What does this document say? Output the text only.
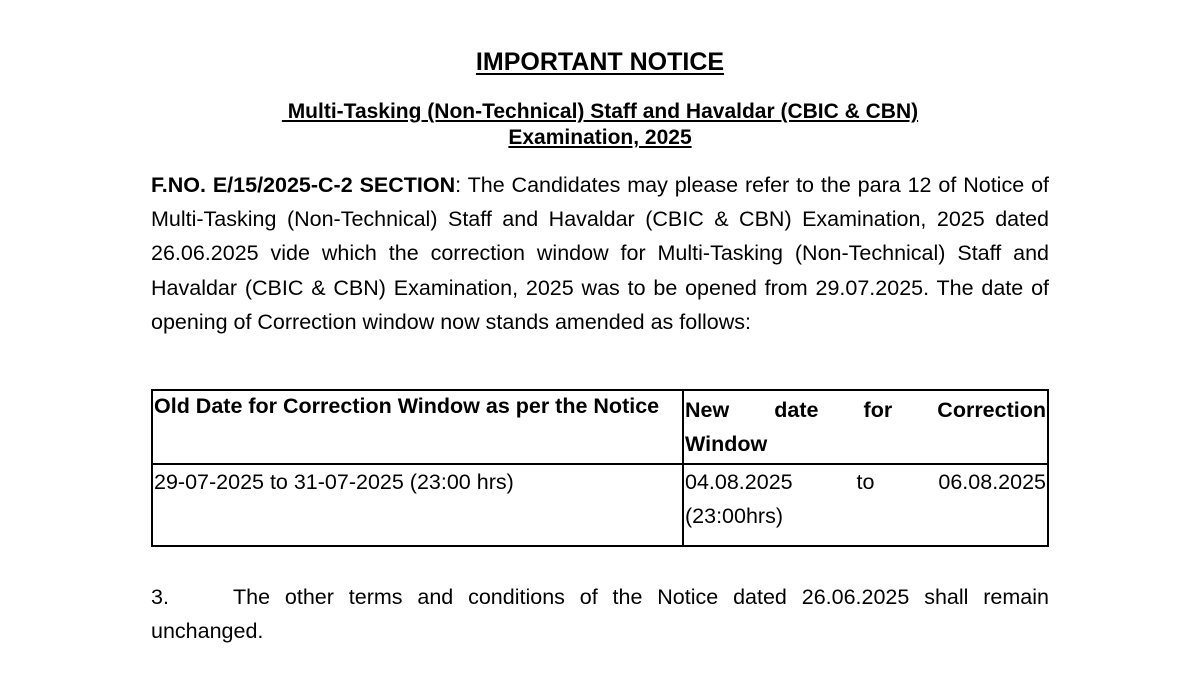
IMPORTANT NOTICE
Multi-Tasking (Non-Technical) Staff and Havaldar (CBIC & CBN)
Examination, 2025
F.NO. E/15/2025-C-2 SECTION: The Candidates may please refer to the para 12 of Notice of Multi-Tasking (Non-Technical) Staff and Havaldar (CBIC & CBN) Examination, 2025 dated 26.06.2025 vide which the correction window for Multi-Tasking (Non-Technical) Staff and Havaldar (CBIC & CBN) Examination, 2025 was to be opened from 29.07.2025. The date of opening of Correction window now stands amended as follows:
Old Date for Correction Window as per the Notice	New date for Correction
Window
29-07-2025 to 31-07-2025 (23:00 hrs)	04.08.2025 to 06.08.2025
(23:00hrs)
3.	The other terms and conditions of the Notice dated 26.06.2025 shall remain unchanged.
